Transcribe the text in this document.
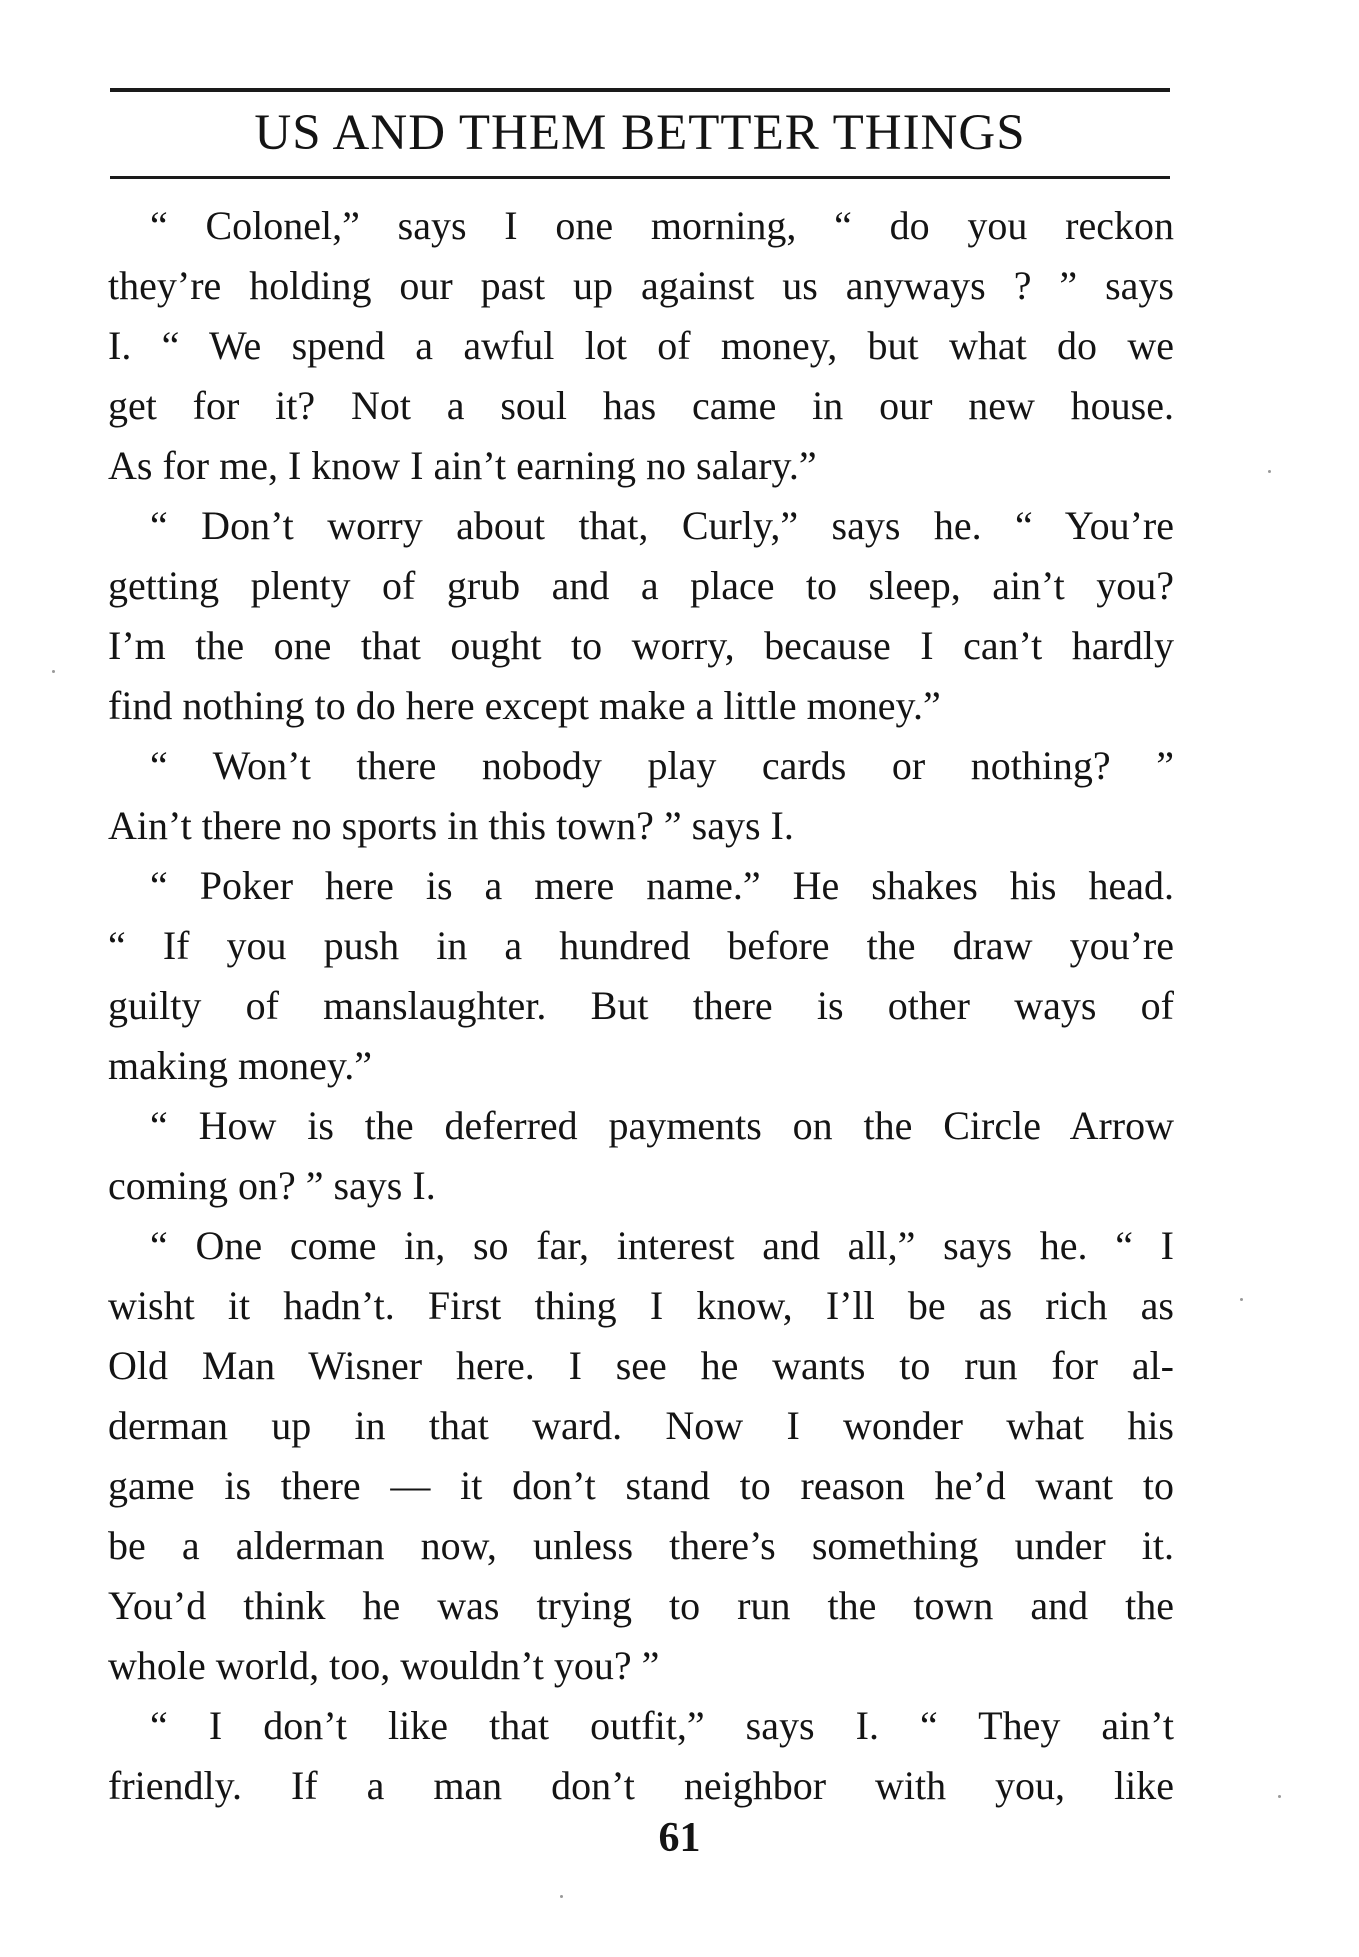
US AND THEM BETTER THINGS
“ Colonel,” says I one morning, “ do you reckon
they’re holding our past up against us anyways ? ” says
I. “ We spend a awful lot of money, but what do we
get for it? Not a soul has came in our new house.
As for me, I know I ain’t earning no salary.”
“ Don’t worry about that, Curly,” says he. “ You’re
getting plenty of grub and a place to sleep, ain’t you?
I’m the one that ought to worry, because I can’t hardly
find nothing to do here except make a little money.”
“ Won’t there nobody play cards or nothing? ”
Ain’t there no sports in this town? ” says I.
“ Poker here is a mere name.” He shakes his head.
“ If you push in a hundred before the draw you’re
guilty of manslaughter. But there is other ways of
making money.”
“ How is the deferred payments on the Circle Arrow
coming on? ” says I.
“ One come in, so far, interest and all,” says he. “ I
wisht it hadn’t. First thing I know, I’ll be as rich as
Old Man Wisner here. I see he wants to run for al-
derman up in that ward. Now I wonder what his
game is there — it don’t stand to reason he’d want to
be a alderman now, unless there’s something under it.
You’d think he was trying to run the town and the
whole world, too, wouldn’t you? ”
“ I don’t like that outfit,” says I. “ They ain’t
friendly. If a man don’t neighbor with you, like
61
